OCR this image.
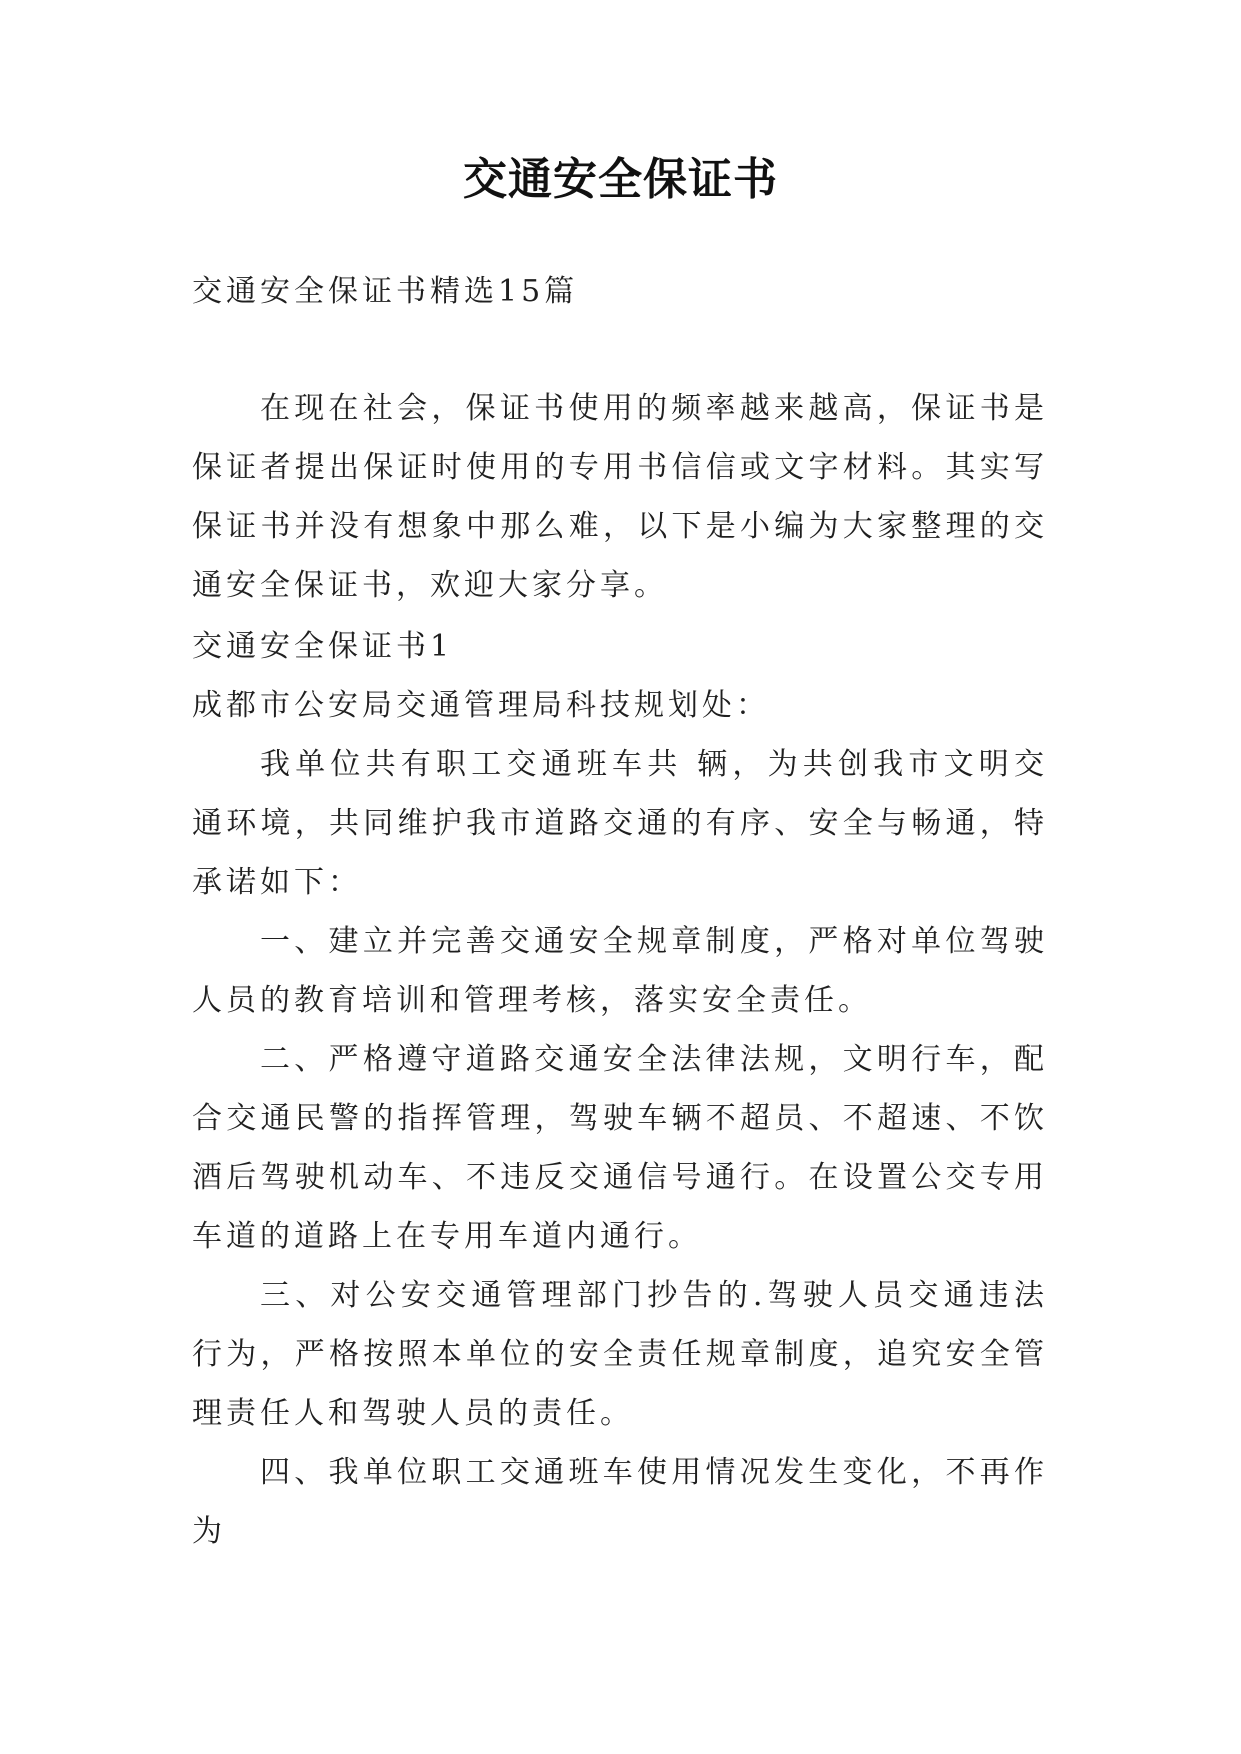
交通安全保证书

交通安全保证书精选15篇

在现在社会，保证书使用的频率越来越高，保证书是保证者提出保证时使用的专用书信信或文字材料。其实写保证书并没有想象中那么难，以下是小编为大家整理的交通安全保证书，欢迎大家分享。

交通安全保证书1

成都市公安局交通管理局科技规划处：

我单位共有职工交通班车共 辆，为共创我市文明交通环境，共同维护我市道路交通的有序、安全与畅通，特承诺如下：

一、建立并完善交通安全规章制度，严格对单位驾驶人员的教育培训和管理考核，落实安全责任。

二、严格遵守道路交通安全法律法规，文明行车，配合交通民警的指挥管理，驾驶车辆不超员、不超速、不饮酒后驾驶机动车、不违反交通信号通行。在设置公交专用车道的道路上在专用车道内通行。

三、对公安交通管理部门抄告的.驾驶人员交通违法行为，严格按照本单位的安全责任规章制度，追究安全管理责任人和驾驶人员的责任。

四、我单位职工交通班车使用情况发生变化，不再作为
